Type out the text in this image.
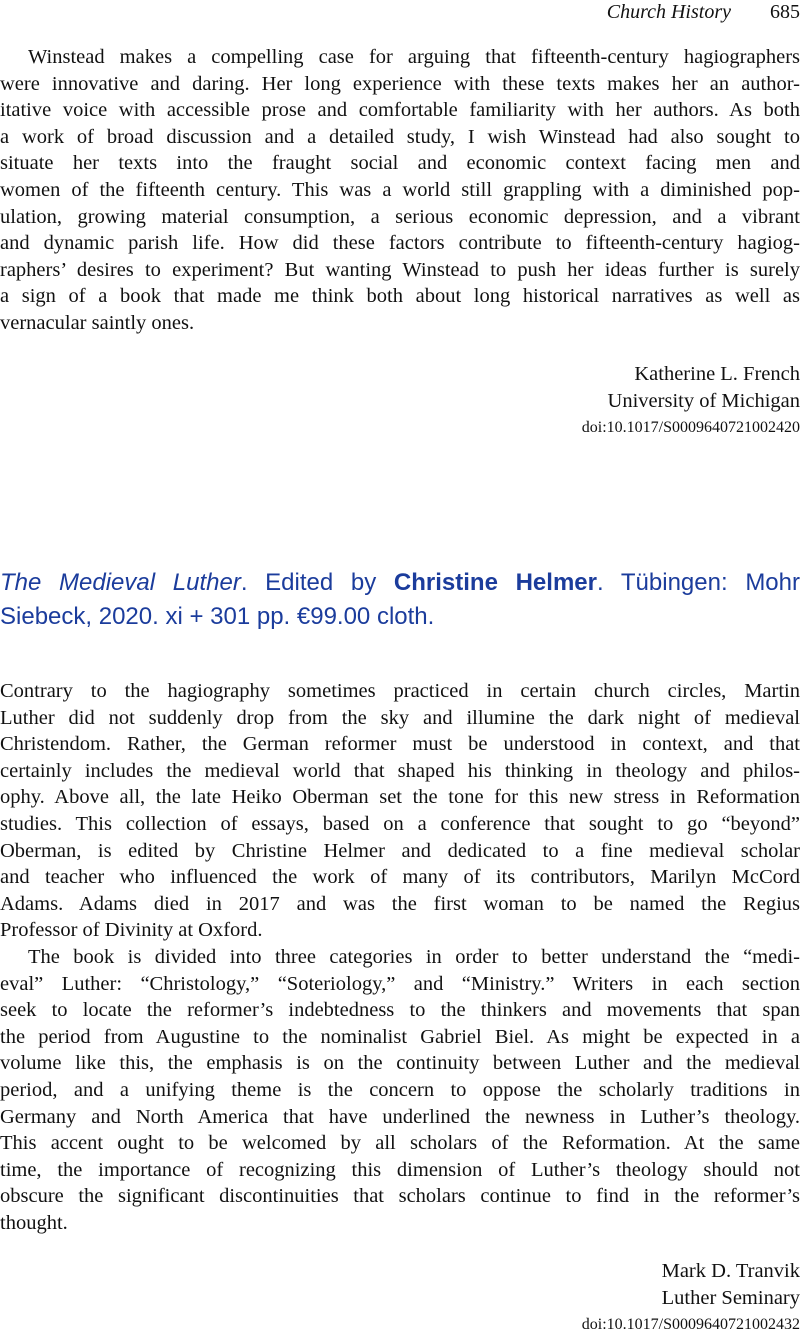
Church History 685
Winstead makes a compelling case for arguing that fifteenth-century hagiographers
were innovative and daring. Her long experience with these texts makes her an author-
itative voice with accessible prose and comfortable familiarity with her authors. As both
a work of broad discussion and a detailed study, I wish Winstead had also sought to
situate her texts into the fraught social and economic context facing men and
women of the fifteenth century. This was a world still grappling with a diminished pop-
ulation, growing material consumption, a serious economic depression, and a vibrant
and dynamic parish life. How did these factors contribute to fifteenth-century hagiog-
raphers’ desires to experiment? But wanting Winstead to push her ideas further is surely
a sign of a book that made me think both about long historical narratives as well as
vernacular saintly ones.
Katherine L. French
University of Michigan
doi:10.1017/S0009640721002420
The Medieval Luther. Edited by Christine Helmer. Tübingen: Mohr
Siebeck, 2020. xi + 301 pp. €99.00 cloth.
Contrary to the hagiography sometimes practiced in certain church circles, Martin
Luther did not suddenly drop from the sky and illumine the dark night of medieval
Christendom. Rather, the German reformer must be understood in context, and that
certainly includes the medieval world that shaped his thinking in theology and philos-
ophy. Above all, the late Heiko Oberman set the tone for this new stress in Reformation
studies. This collection of essays, based on a conference that sought to go “beyond”
Oberman, is edited by Christine Helmer and dedicated to a fine medieval scholar
and teacher who influenced the work of many of its contributors, Marilyn McCord
Adams. Adams died in 2017 and was the first woman to be named the Regius
Professor of Divinity at Oxford.
The book is divided into three categories in order to better understand the “medi-
eval” Luther: “Christology,” “Soteriology,” and “Ministry.” Writers in each section
seek to locate the reformer’s indebtedness to the thinkers and movements that span
the period from Augustine to the nominalist Gabriel Biel. As might be expected in a
volume like this, the emphasis is on the continuity between Luther and the medieval
period, and a unifying theme is the concern to oppose the scholarly traditions in
Germany and North America that have underlined the newness in Luther’s theology.
This accent ought to be welcomed by all scholars of the Reformation. At the same
time, the importance of recognizing this dimension of Luther’s theology should not
obscure the significant discontinuities that scholars continue to find in the reformer’s
thought.
Mark D. Tranvik
Luther Seminary
doi:10.1017/S0009640721002432
